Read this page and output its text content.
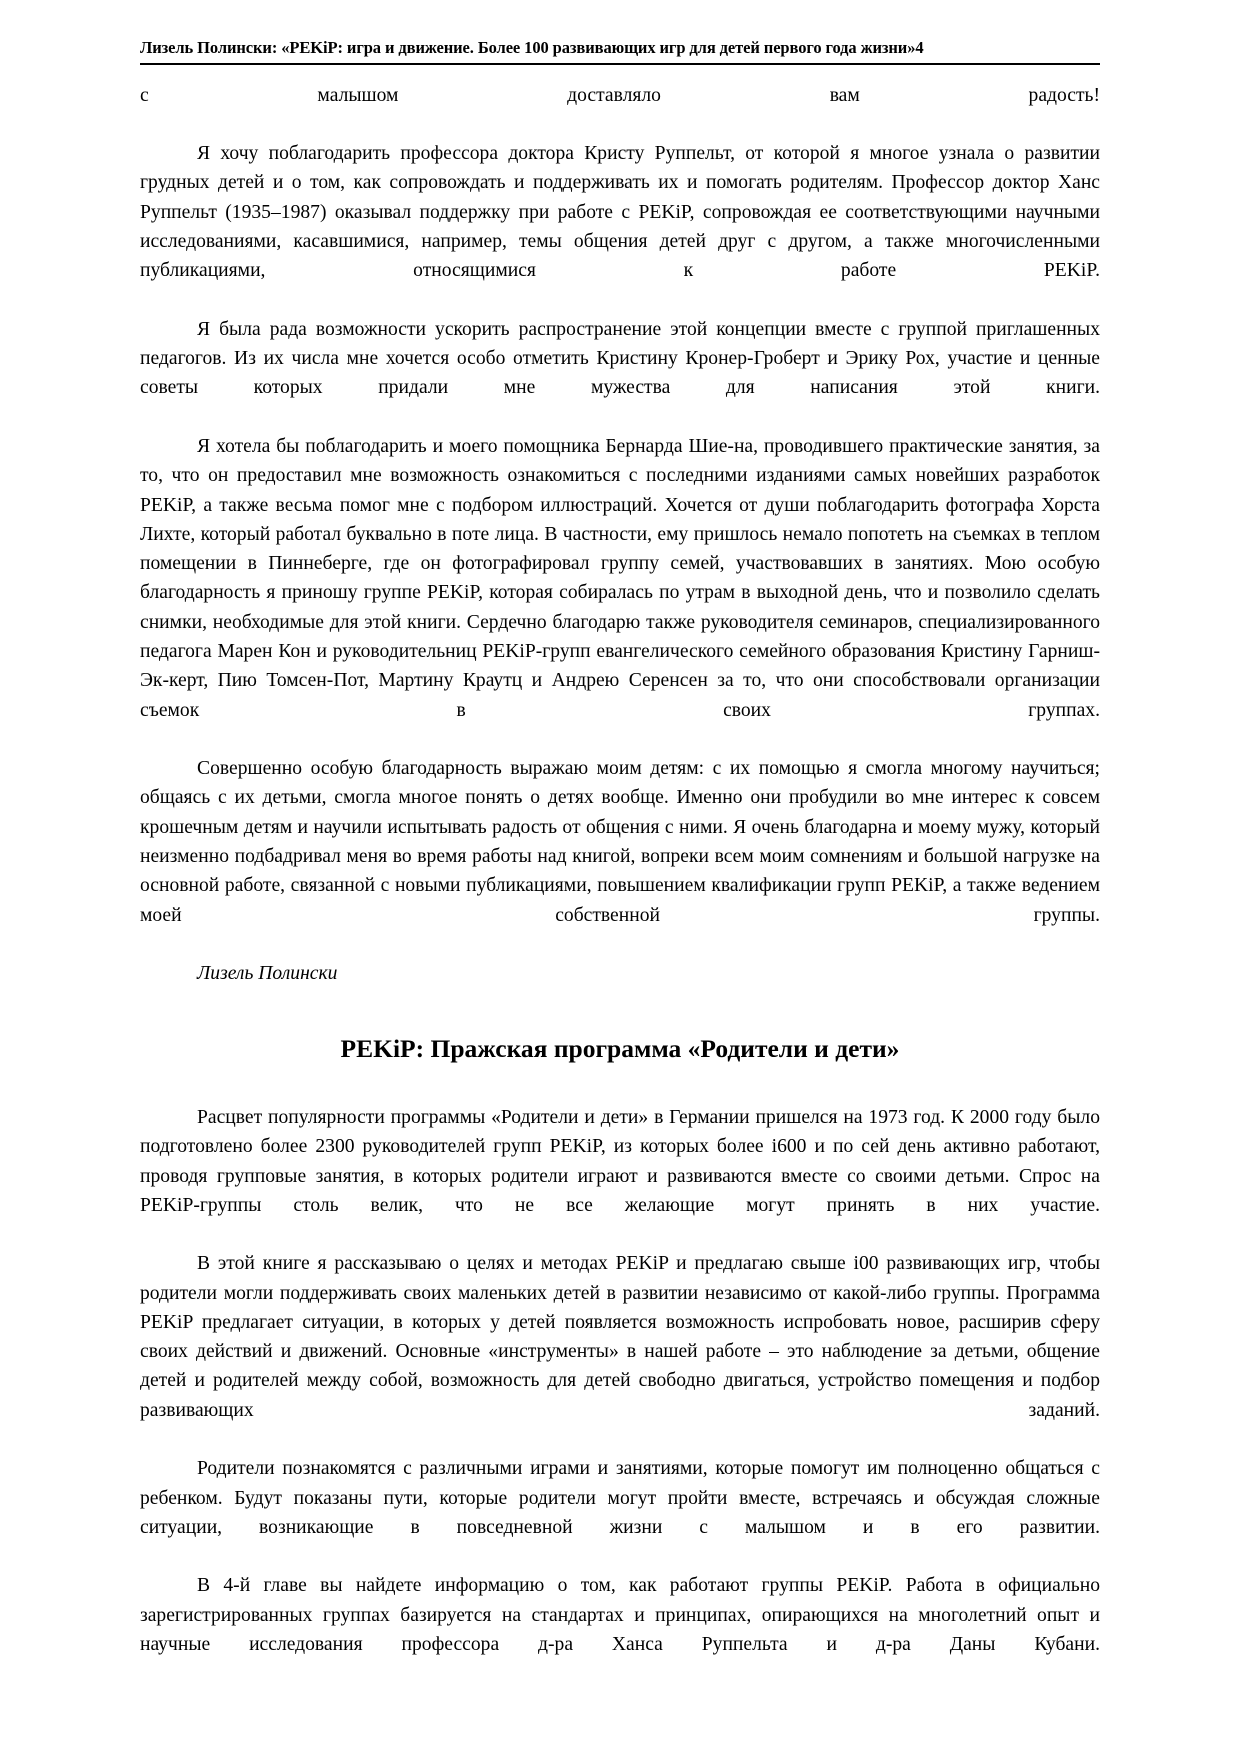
Лизель Полински: «PEKiP: игра и движение. Более 100 развивающих игр для детей первого года жизни»4

с малышом доставляло вам радость!

Я хочу поблагодарить профессора доктора Кристу Руппельт, от которой я многое узнала о развитии грудных детей и о том, как сопровождать и поддерживать их и помогать родителям. Профессор доктор Ханс Руппельт (1935–1987) оказывал поддержку при работе с PEKiP, сопровождая ее соответствующими научными исследованиями, касавшимися, например, темы общения детей друг с другом, а также многочисленными публикациями, относящимися к работе PEKiP.

Я была рада возможности ускорить распространение этой концепции вместе с группой приглашенных педагогов. Из их числа мне хочется особо отметить Кристину Кронер-Гроберт и Эрику Рох, участие и ценные советы которых придали мне мужества для написания этой книги.

Я хотела бы поблагодарить и моего помощника Бернарда Шие-на, проводившего практические занятия, за то, что он предоставил мне возможность ознакомиться с последними изданиями самых новейших разработок PEKiP, а также весьма помог мне с подбором иллюстраций. Хочется от души поблагодарить фотографа Хорста Лихте, который работал буквально в поте лица. В частности, ему пришлось немало попотеть на съемках в теплом помещении в Пиннеберге, где он фотографировал группу семей, участвовавших в занятиях. Мою особую благодарность я приношу группе PEKiP, которая собиралась по утрам в выходной день, что и позволило сделать снимки, необходимые для этой книги. Сердечно благодарю также руководителя семинаров, специализированного педагога Марен Кон и руководительниц PEKiP-групп евангелического семейного образования Кристину Гарниш-Эк-керт, Пию Томсен-Пот, Мартину Краутц и Андрею Серенсен за то, что они способствовали организации съемок в своих группах.

Совершенно особую благодарность выражаю моим детям: с их помощью я смогла многому научиться; общаясь с их детьми, смогла многое понять о детях вообще. Именно они пробудили во мне интерес к совсем крошечным детям и научили испытывать радость от общения с ними. Я очень благодарна и моему мужу, который неизменно подбадривал меня во время работы над книгой, вопреки всем моим сомнениям и большой нагрузке на основной работе, связанной с новыми публикациями, повышением квалификации групп PEKiP, а также ведением моей собственной группы.

Лизель Полински

PEKiP: Пражская программа «Родители и дети»

Расцвет популярности программы «Родители и дети» в Германии пришелся на 1973 год. К 2000 году было подготовлено более 2300 руководителей групп PEKiP, из которых более i600 и по сей день активно работают, проводя групповые занятия, в которых родители играют и развиваются вместе со своими детьми. Спрос на PEKiP-группы столь велик, что не все желающие могут принять в них участие.

В этой книге я рассказываю о целях и методах PEKiP и предлагаю свыше i00 развивающих игр, чтобы родители могли поддерживать своих маленьких детей в развитии независимо от какой-либо группы. Программа PEKiP предлагает ситуации, в которых у детей появляется возможность испробовать новое, расширив сферу своих действий и движений. Основные «инструменты» в нашей работе – это наблюдение за детьми, общение детей и родителей между собой, возможность для детей свободно двигаться, устройство помещения и подбор развивающих заданий.

Родители познакомятся с различными играми и занятиями, которые помогут им полноценно общаться с ребенком. Будут показаны пути, которые родители могут пройти вместе, встречаясь и обсуждая сложные ситуации, возникающие в повседневной жизни с малышом и в его развитии.

В 4-й главе вы найдете информацию о том, как работают группы PEKiP. Работа в официально зарегистрированных группах базируется на стандартах и принципах, опирающихся на многолетний опыт и научные исследования профессора д-ра Ханса Руппельта и д-ра Даны Кубани.
